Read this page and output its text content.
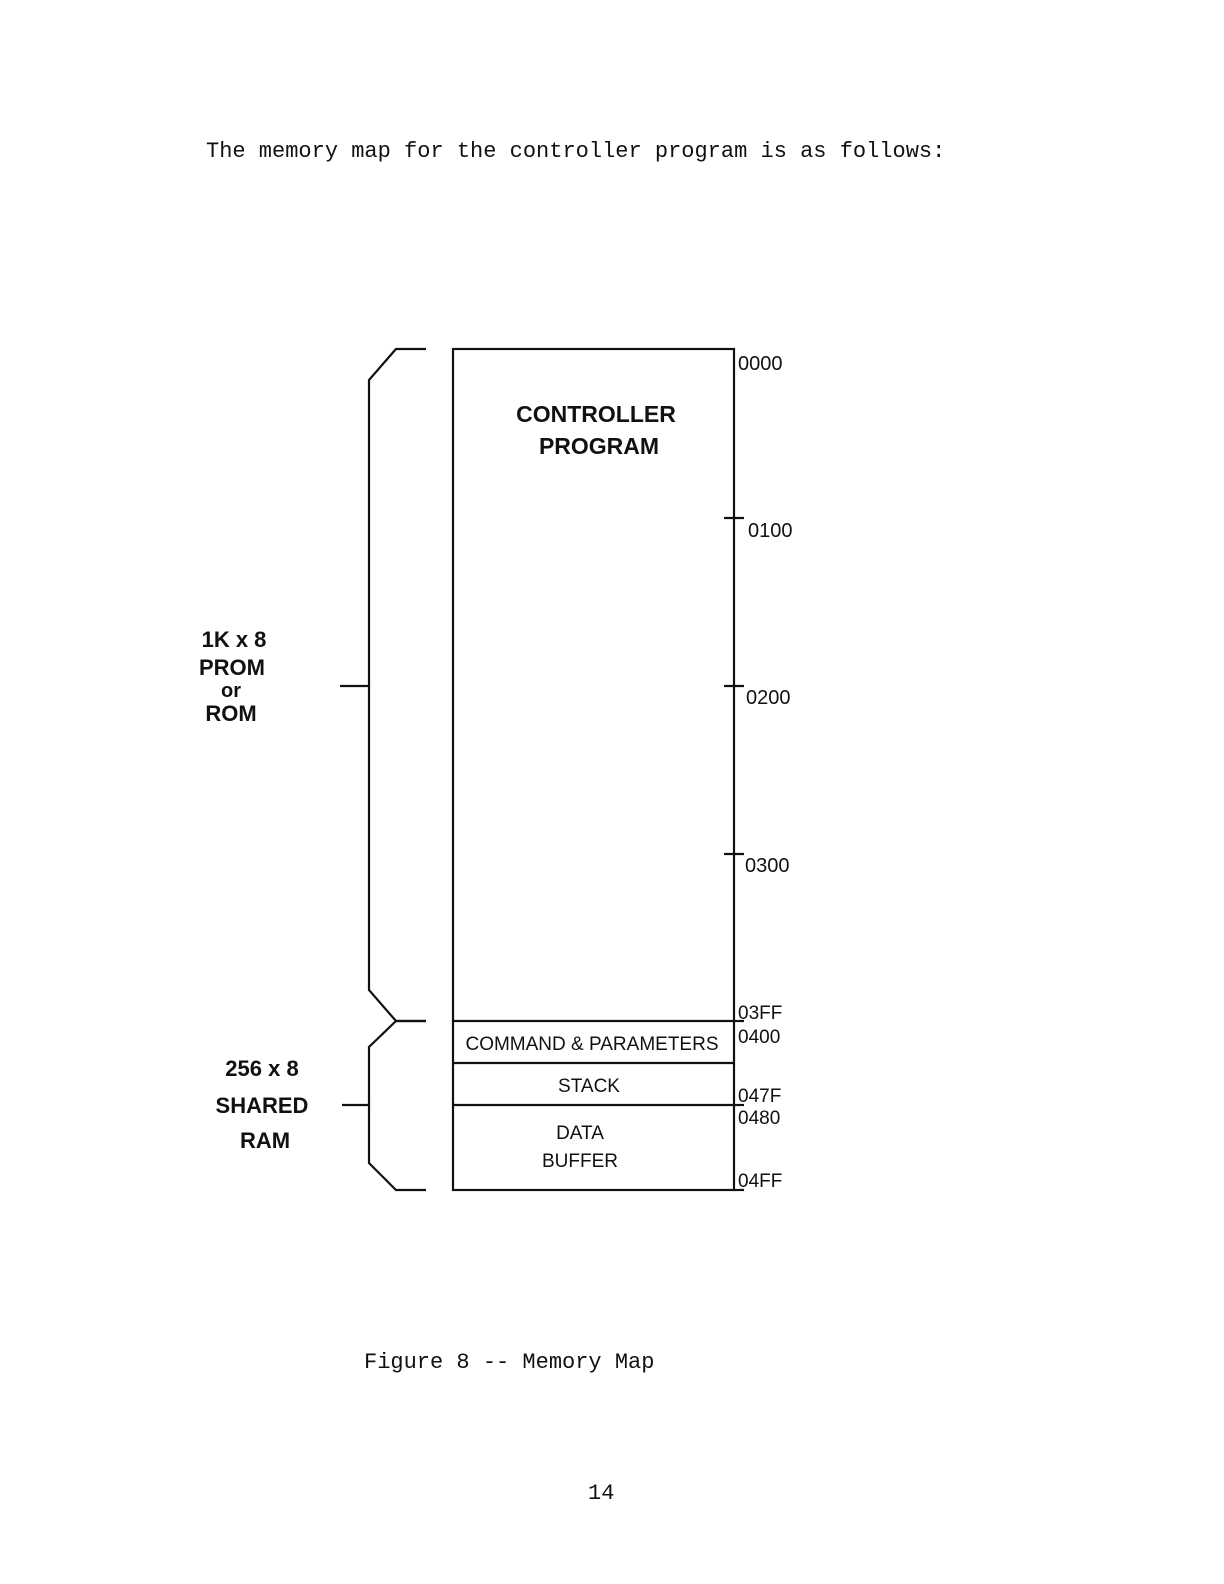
The memory map for the controller program is as follows:

CONTROLLER
PROGRAM
COMMAND & PARAMETERS
STACK
DATA
BUFFER
0000
0100
0200
0300
03FF
0400
047F
0480
04FF
1K x 8
PROM
or
ROM
256 x 8
SHARED
RAM

Figure 8 -- Memory Map

14
